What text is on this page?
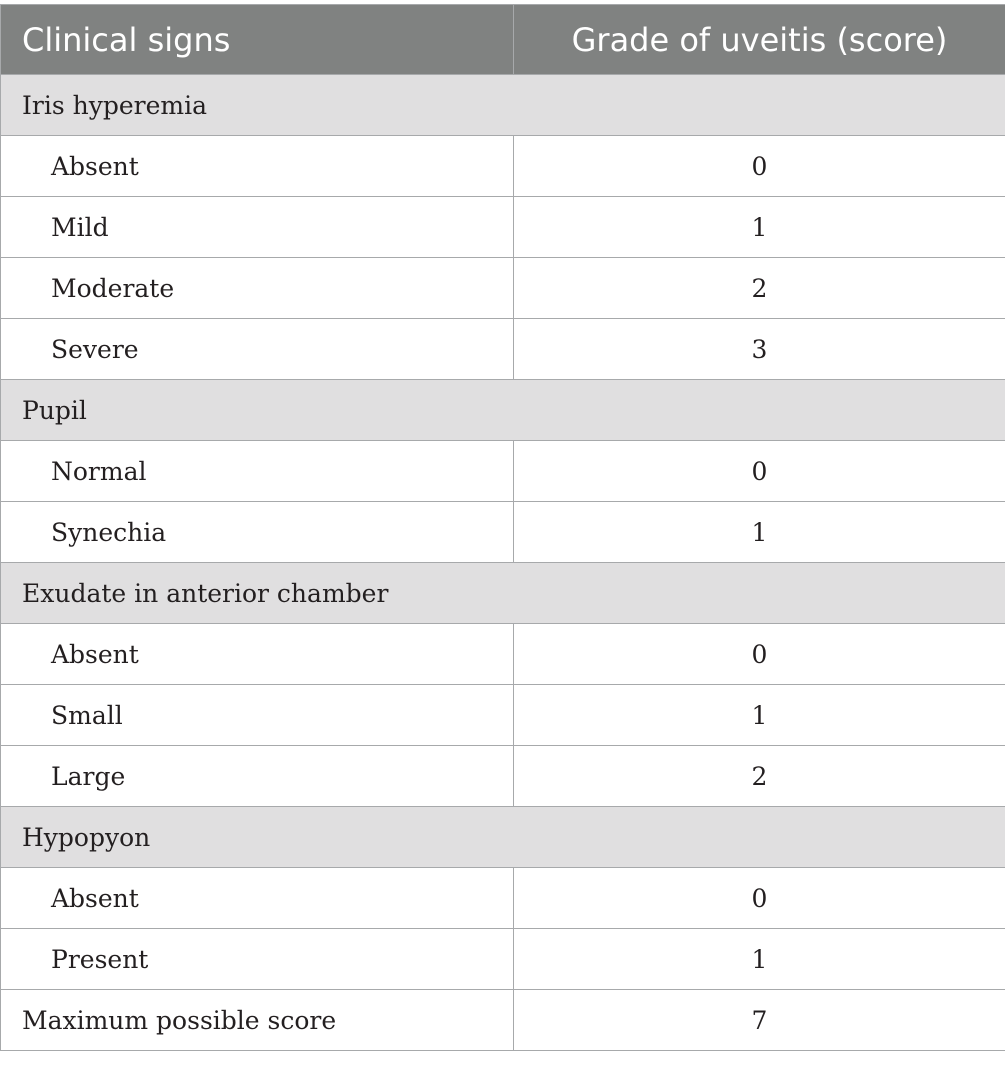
Clinical signs	Grade of uveitis (score)
Iris hyperemia	
Absent	0
Mild	1
Moderate	2
Severe	3
Pupil	
Normal	0
Synechia	1
Exudate in anterior chamber	
Absent	0
Small	1
Large	2
Hypopyon	
Absent	0
Present	1
Maximum possible score	7
